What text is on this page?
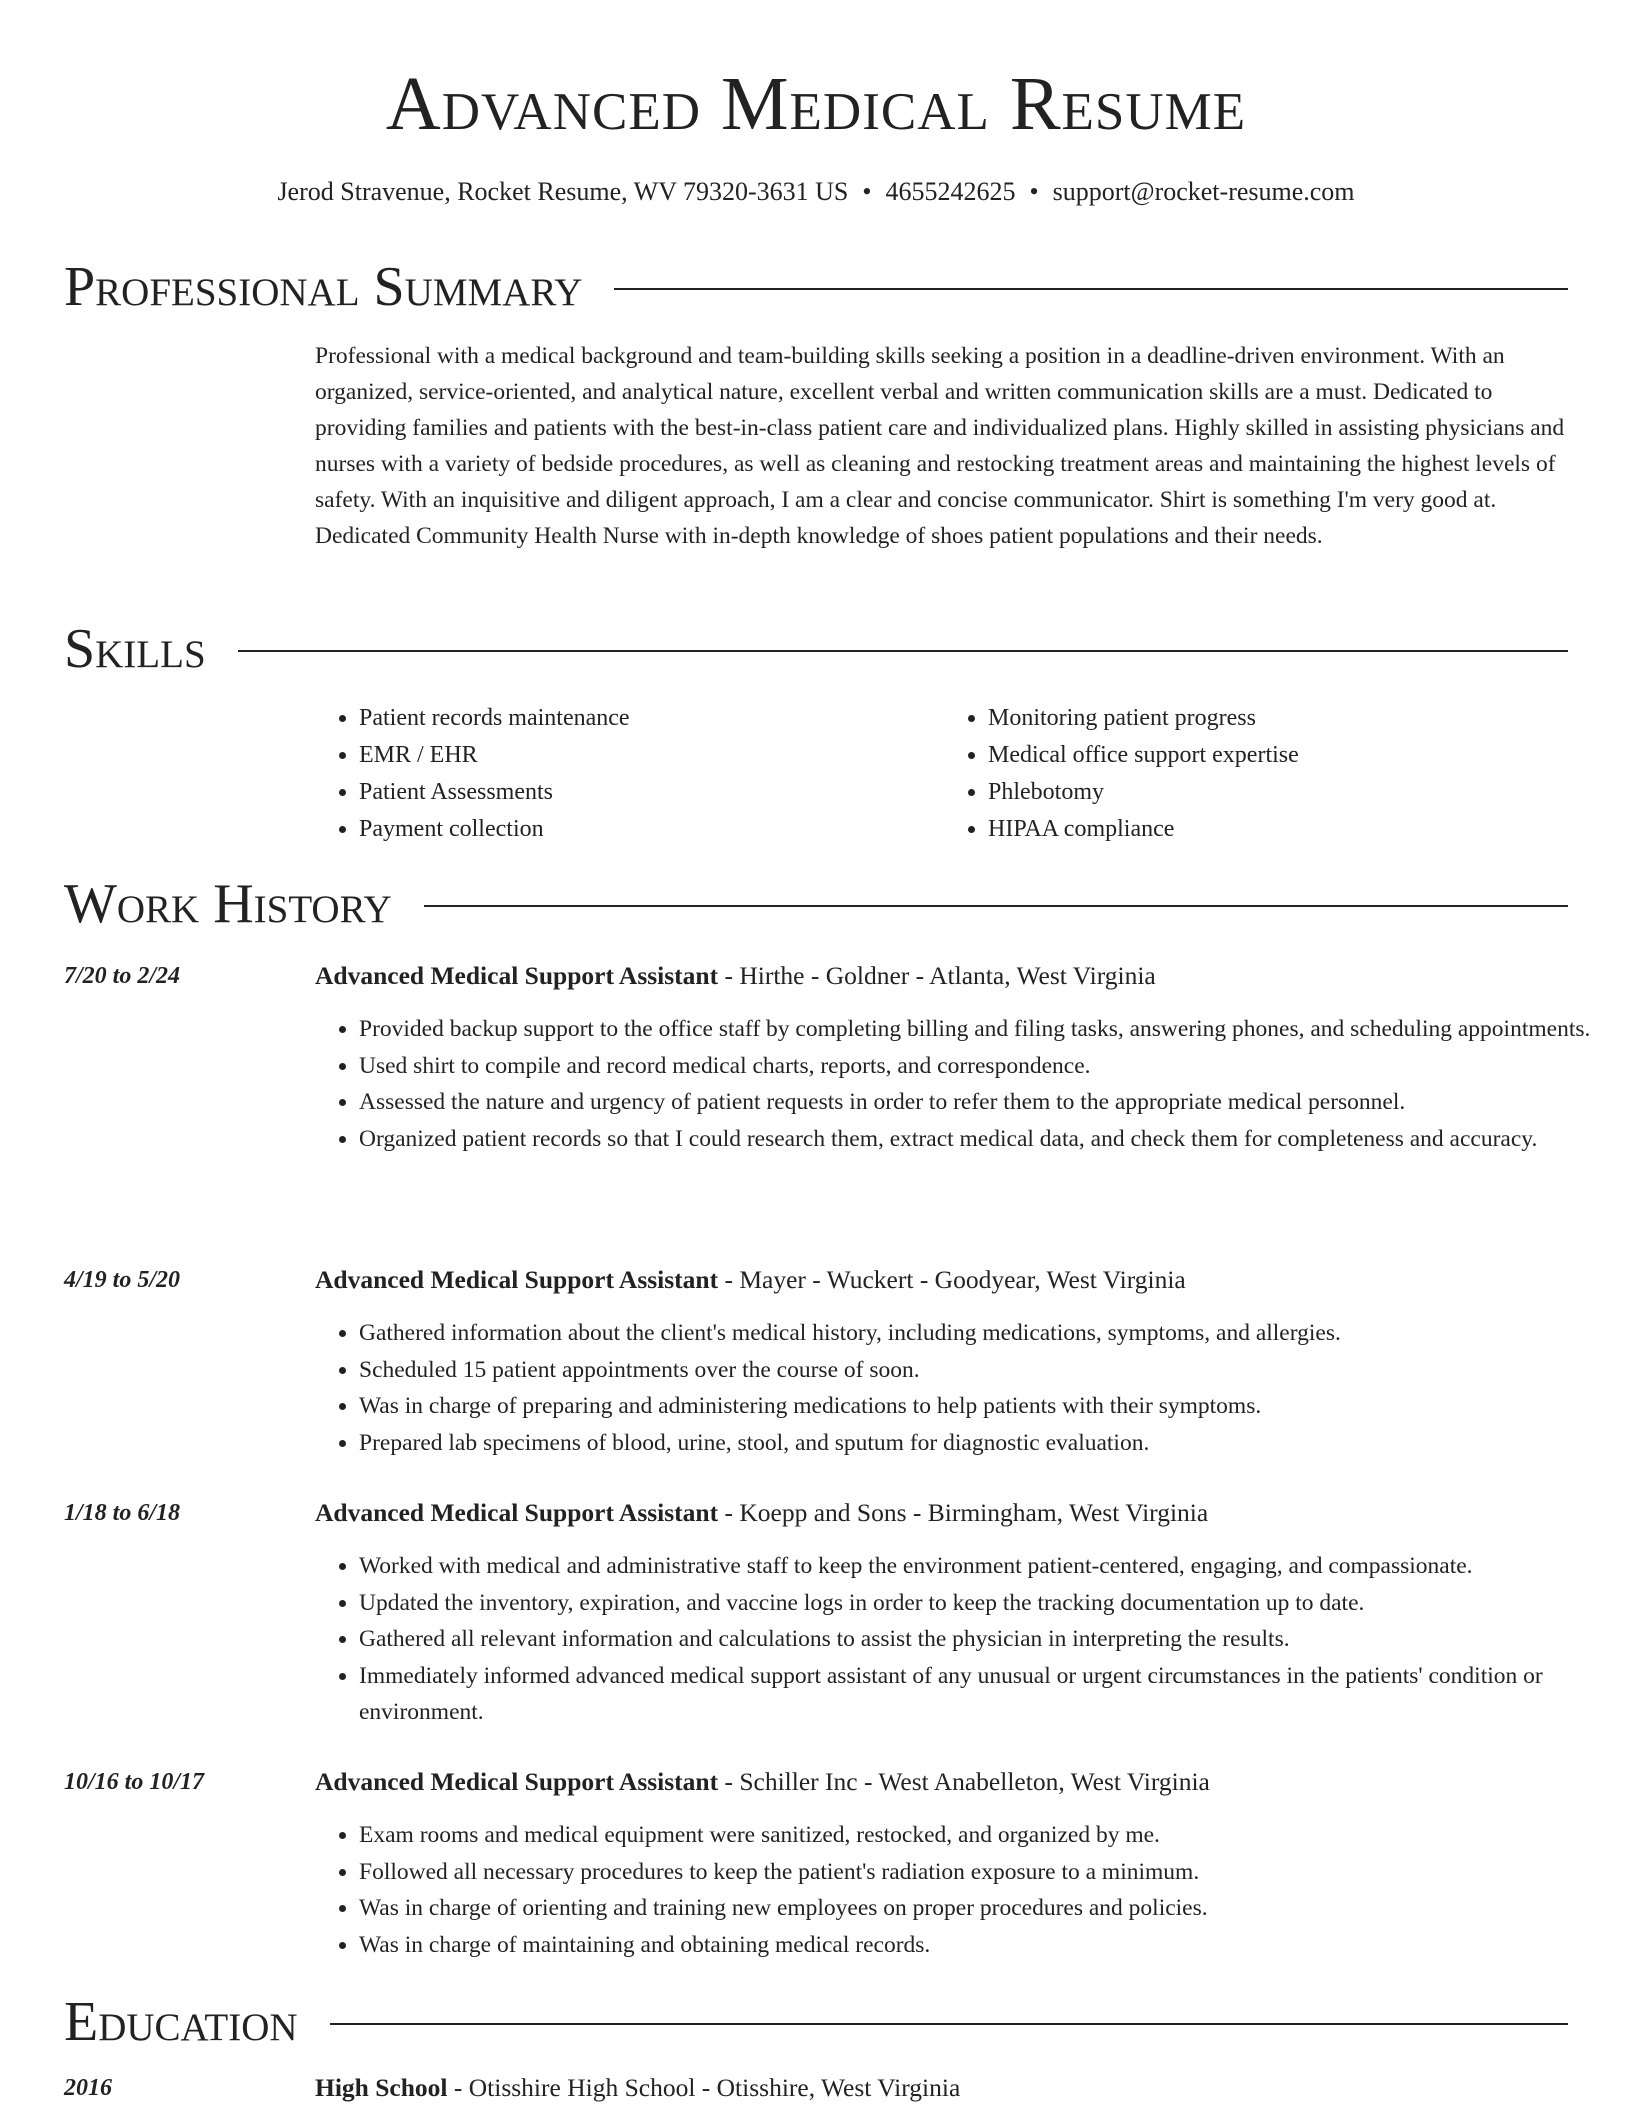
Advanced Medical Resume
Jerod Stravenue, Rocket Resume, WV 79320-3631 US • 4655242625 • support@rocket-resume.com
Professional Summary
Professional with a medical background and team-building skills seeking a position in a deadline-driven environment. With an organized, service-oriented, and analytical nature, excellent verbal and written communication skills are a must. Dedicated to providing families and patients with the best-in-class patient care and individualized plans. Highly skilled in assisting physicians and nurses with a variety of bedside procedures, as well as cleaning and restocking treatment areas and maintaining the highest levels of safety. With an inquisitive and diligent approach, I am a clear and concise communicator. Shirt is something I'm very good at. Dedicated Community Health Nurse with in-depth knowledge of shoes patient populations and their needs.
Skills
• Patient records maintenance
• EMR / EHR
• Patient Assessments
• Payment collection
• Monitoring patient progress
• Medical office support expertise
• Phlebotomy
• HIPAA compliance
Work History
7/20 to 2/24	Advanced Medical Support Assistant - Hirthe - Goldner - Atlanta, West Virginia
• Provided backup support to the office staff by completing billing and filing tasks, answering phones, and scheduling appointments.
• Used shirt to compile and record medical charts, reports, and correspondence.
• Assessed the nature and urgency of patient requests in order to refer them to the appropriate medical personnel.
• Organized patient records so that I could research them, extract medical data, and check them for completeness and accuracy.
4/19 to 5/20	Advanced Medical Support Assistant - Mayer - Wuckert - Goodyear, West Virginia
• Gathered information about the client's medical history, including medications, symptoms, and allergies.
• Scheduled 15 patient appointments over the course of soon.
• Was in charge of preparing and administering medications to help patients with their symptoms.
• Prepared lab specimens of blood, urine, stool, and sputum for diagnostic evaluation.
1/18 to 6/18	Advanced Medical Support Assistant - Koepp and Sons - Birmingham, West Virginia
• Worked with medical and administrative staff to keep the environment patient-centered, engaging, and compassionate.
• Updated the inventory, expiration, and vaccine logs in order to keep the tracking documentation up to date.
• Gathered all relevant information and calculations to assist the physician in interpreting the results.
• Immediately informed advanced medical support assistant of any unusual or urgent circumstances in the patients' condition or environment.
10/16 to 10/17	Advanced Medical Support Assistant - Schiller Inc - West Anabelleton, West Virginia
• Exam rooms and medical equipment were sanitized, restocked, and organized by me.
• Followed all necessary procedures to keep the patient's radiation exposure to a minimum.
• Was in charge of orienting and training new employees on proper procedures and policies.
• Was in charge of maintaining and obtaining medical records.
Education
2016	High School - Otisshire High School - Otisshire, West Virginia
